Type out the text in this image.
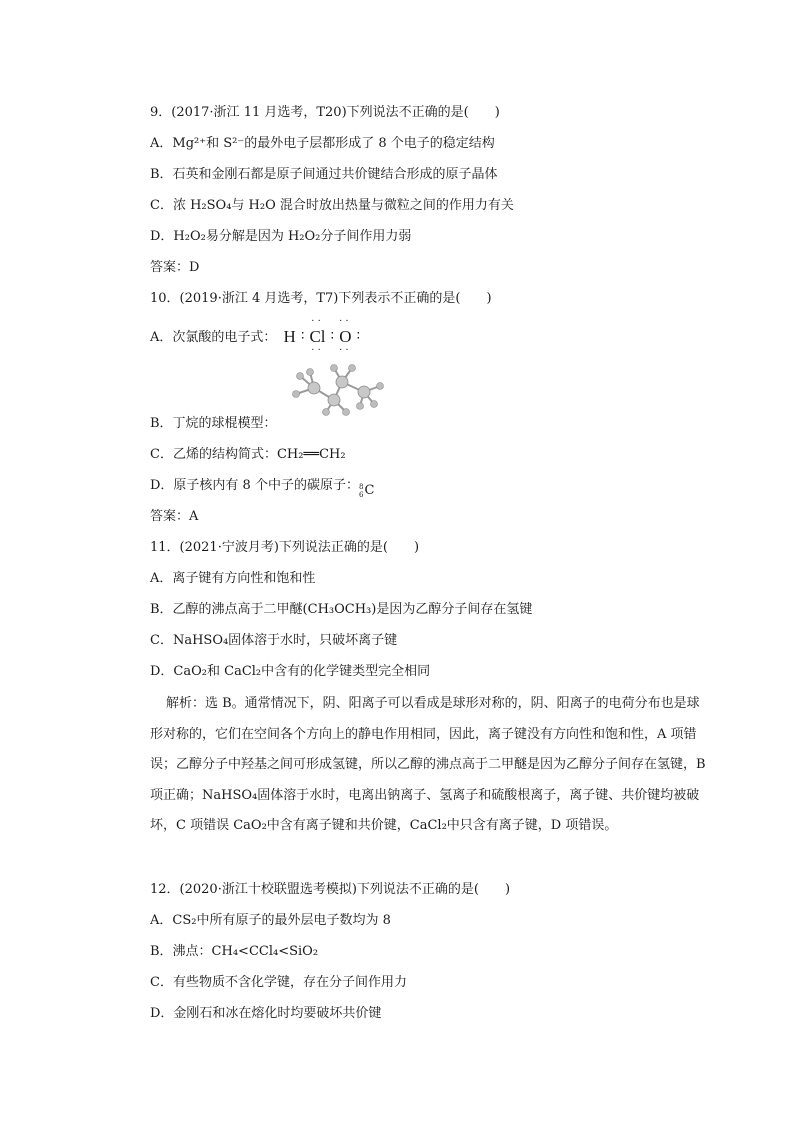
9．(2017·浙江 11 月选考，T20)下列说法不正确的是(　　)
A．Mg²⁺和 S²⁻的最外电子层都形成了 8 个电子的稳定结构
B．石英和金刚石都是原子间通过共价键结合形成的原子晶体
C．浓 H₂SO₄与 H₂O 混合时放出热量与微粒之间的作用力有关
D．H₂O₂易分解是因为 H₂O₂分子间作用力弱
答案：D
10．(2019·浙江 4 月选考，T7)下列表示不正确的是(　　)
A．次氯酸的电子式： H ∶
··
Cl
··
∶
··
O
··
∶
B．丁烷的球棍模型：
C．乙烯的结构简式：CH₂══CH₂
D．原子核内有 8 个中子的碳原子： 8
6 C
答案：A
11．(2021·宁波月考)下列说法正确的是(　　)
A．离子键有方向性和饱和性
B．乙醇的沸点高于二甲醚(CH₃OCH₃)是因为乙醇分子间存在氢键
C．NaHSO₄固体溶于水时，只破坏离子键
D．CaO₂和 CaCl₂中含有的化学键类型完全相同
解析：选 B。通常情况下，阴、阳离子可以看成是球形对称的，阴、阳离子的电荷分布也是球形对称的，它们在空间各个方向上的静电作用相同，因此，离子键没有方向性和饱和性，A 项错误；乙醇分子中羟基之间可形成氢键，所以乙醇的沸点高于二甲醚是因为乙醇分子间存在氢键，B 项正确；NaHSO₄固体溶于水时，电离出钠离子、氢离子和硫酸根离子，离子键、共价键均被破坏，C 项错误 CaO₂中含有离子键和共价键，CaCl₂中只含有离子键，D 项错误。
12．(2020·浙江十校联盟选考模拟)下列说法不正确的是(　　)
A．CS₂中所有原子的最外层电子数均为 8
B．沸点：CH₄<CCl₄<SiO₂
C．有些物质不含化学键，存在分子间作用力
D．金刚石和冰在熔化时均要破坏共价键
